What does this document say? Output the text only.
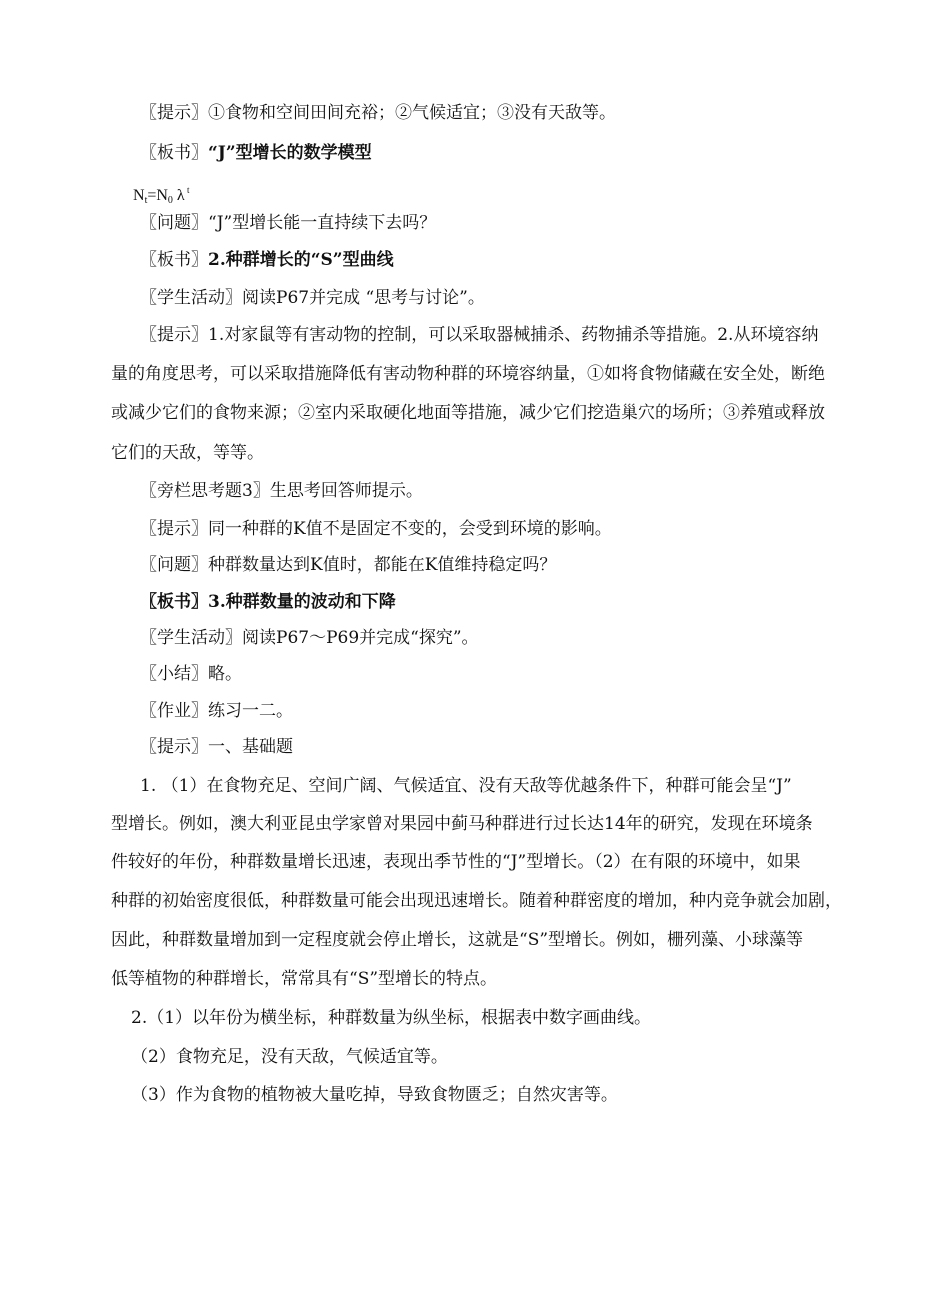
〖提示〗①食物和空间田间充裕；②气候适宜；③没有天敌等。
〖板书〗“J”型增长的数学模型
$N_t=N_0$ λ $^t$
〖问题〗“J”型增长能一直持续下去吗？
〖板书〗2.种群增长的“S”型曲线
〖学生活动〗阅读P67并完成 “思考与讨论”。
〖提示〗1.对家鼠等有害动物的控制，可以采取器械捕杀、药物捕杀等措施。2.从环境容纳
量的角度思考，可以采取措施降低有害动物种群的环境容纳量，①如将食物储藏在安全处，断绝
或减少它们的食物来源；②室内采取硬化地面等措施，减少它们挖造巢穴的场所；③养殖或释放
它们的天敌，等等。
〖旁栏思考题3〗生思考回答师提示。
〖提示〗同一种群的K值不是固定不变的，会受到环境的影响。
〖问题〗种群数量达到K值时，都能在K值维持稳定吗？
〖板书〗3.种群数量的波动和下降
〖学生活动〗阅读P67～P69并完成“探究”。
〖小结〗略。
〖作业〗练习一二。
〖提示〗一、基础题
1. （1）在食物充足、空间广阔、气候适宜、没有天敌等优越条件下，种群可能会呈“J”
型增长。例如，澳大利亚昆虫学家曾对果园中蓟马种群进行过长达14年的研究，发现在环境条
件较好的年份，种群数量增长迅速，表现出季节性的“J”型增长。（2）在有限的环境中，如果
种群的初始密度很低，种群数量可能会出现迅速增长。随着种群密度的增加，种内竞争就会加剧，
因此，种群数量增加到一定程度就会停止增长，这就是“S”型增长。例如，栅列藻、小球藻等
低等植物的种群增长，常常具有“S”型增长的特点。
2.（1）以年份为横坐标，种群数量为纵坐标，根据表中数字画曲线。
（2）食物充足，没有天敌，气候适宜等。
（3）作为食物的植物被大量吃掉，导致食物匮乏；自然灾害等。
